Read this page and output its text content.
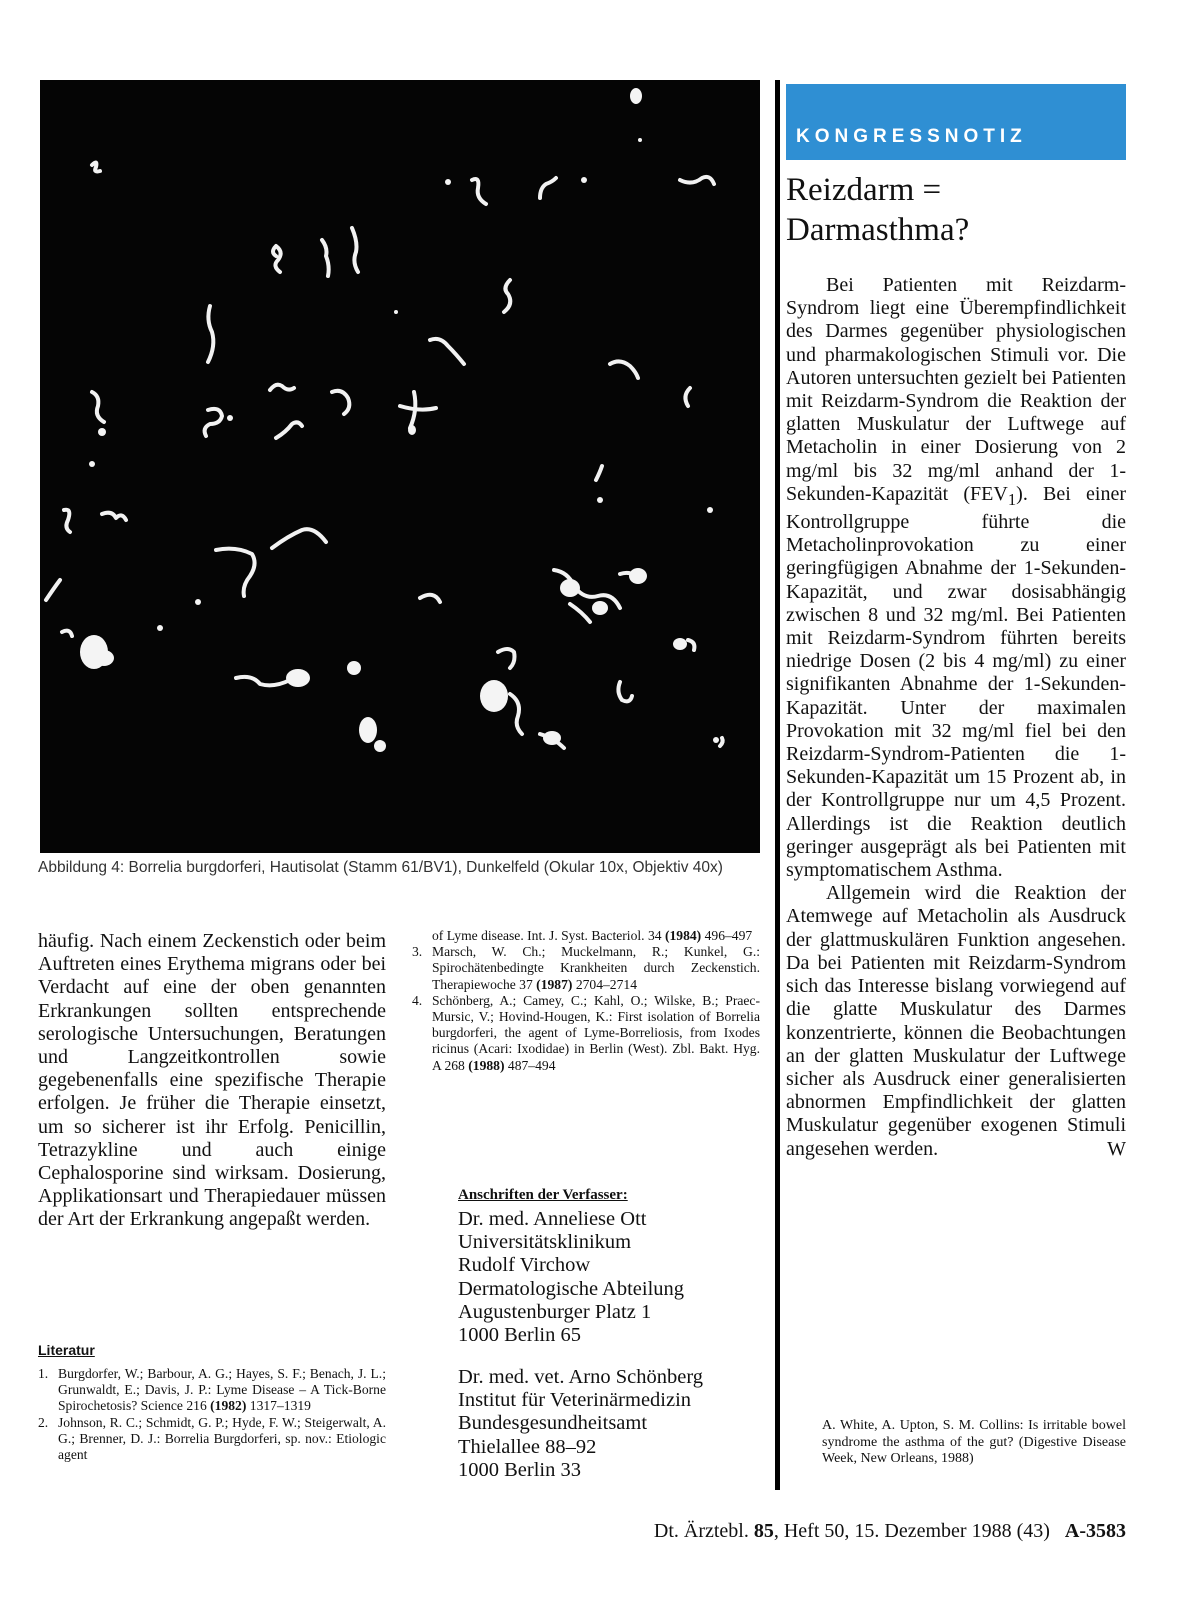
Abbildung 4: Borrelia burgdorferi, Hautisolat (Stamm 61/BV1), Dunkelfeld (Okular 10x, Objektiv 40x)
häufig. Nach einem Zeckenstich oder beim Auftreten eines Erythema migrans oder bei Verdacht auf eine der oben genannten Erkrankungen sollten entsprechende serologische Untersuchungen, Beratungen und Langzeitkontrollen sowie gegebenenfalls eine spezifische Therapie erfolgen. Je früher die Therapie einsetzt, um so sicherer ist ihr Erfolg. Penicillin, Tetrazykline und auch einige Cephalosporine sind wirksam. Dosierung, Applikationsart und Therapiedauer müssen der Art der Erkrankung angepaßt werden.
Literatur

1. Burgdorfer, W.; Barbour, A. G.; Hayes, S. F.; Benach, J. L.; Grunwaldt, E.; Davis, J. P.: Lyme Disease – A Tick-Borne Spirochetosis? Science 216 (1982) 1317–1319

2. Johnson, R. C.; Schmidt, G. P.; Hyde, F. W.; Steigerwalt, A. G.; Brenner, D. J.: Borrelia Burgdorferi, sp. nov.: Etiologic agent

of Lyme disease. Int. J. Syst. Bacteriol. 34 (1984) 496–497

3. Marsch, W. Ch.; Muckelmann, R.; Kunkel, G.: Spirochätenbedingte Krankheiten durch Zeckenstich. Therapiewoche 37 (1987) 2704–2714

4. Schönberg, A.; Camey, C.; Kahl, O.; Wilske, B.; Praec-Mursic, V.; Hovind-Hougen, K.: First isolation of Borrelia burgdorferi, the agent of Lyme-Borreliosis, from Ixodes ricinus (Acari: Ixodidae) in Berlin (West). Zbl. Bakt. Hyg. A 268 (1988) 487–494

Anschriften der Verfasser:
Dr. med. Anneliese Ott
Universitätsklinikum
Rudolf Virchow
Dermatologische Abteilung
Augustenburger Platz 1
1000 Berlin 65
Dr. med. vet. Arno Schönberg
Institut für Veterinärmedizin
Bundesgesundheitsamt
Thielallee 88–92
1000 Berlin 33
KONGRESSNOTIZ
Reizdarm =
Darmasthma?

Bei Patienten mit Reizdarm-Syndrom liegt eine Überempfindlichkeit des Darmes gegenüber physiologischen und pharmakologischen Stimuli vor. Die Autoren untersuchten gezielt bei Patienten mit Reizdarm-Syndrom die Reaktion der glatten Muskulatur der Luftwege auf Metacholin in einer Dosierung von 2 mg/ml bis 32 mg/ml anhand der 1-Sekunden-Kapazität $(FEV_1)$. Bei einer Kontrollgruppe führte die Metacholinprovokation zu einer geringfügigen Abnahme der 1-Sekunden-Kapazität, und zwar dosisabhängig zwischen 8 und 32 mg/ml. Bei Patienten mit Reizdarm-Syndrom führten bereits niedrige Dosen (2 bis 4 mg/ml) zu einer signifikanten Abnahme der 1-Sekunden-Kapazität. Unter der maximalen Provokation mit 32 mg/ml fiel bei den Reizdarm-Syndrom-Patienten die 1-Sekunden-Kapazität um 15 Prozent ab, in der Kontrollgruppe nur um 4,5 Prozent. Allerdings ist die Reaktion deutlich geringer ausgeprägt als bei Patienten mit symptomatischem Asthma.

Allgemein wird die Reaktion der Atemwege auf Metacholin als Ausdruck der glattmuskulären Funktion angesehen. Da bei Patienten mit Reizdarm-Syndrom sich das Interesse bislang vorwiegend auf die glatte Muskulatur des Darmes konzentrierte, können die Beobachtungen an der glatten Muskulatur der Luftwege sicher als Ausdruck einer generalisierten abnormen Empfindlichkeit der glatten Muskulatur gegenüber exogenen Stimuli angesehen werden.	W

A. White, A. Upton, S. M. Collins: Is irritable bowel syndrome the asthma of the gut? (Digestive Disease Week, New Orleans, 1988)
Dt. Ärztebl. 85, Heft 50, 15. Dezember 1988 (43) A-3583
